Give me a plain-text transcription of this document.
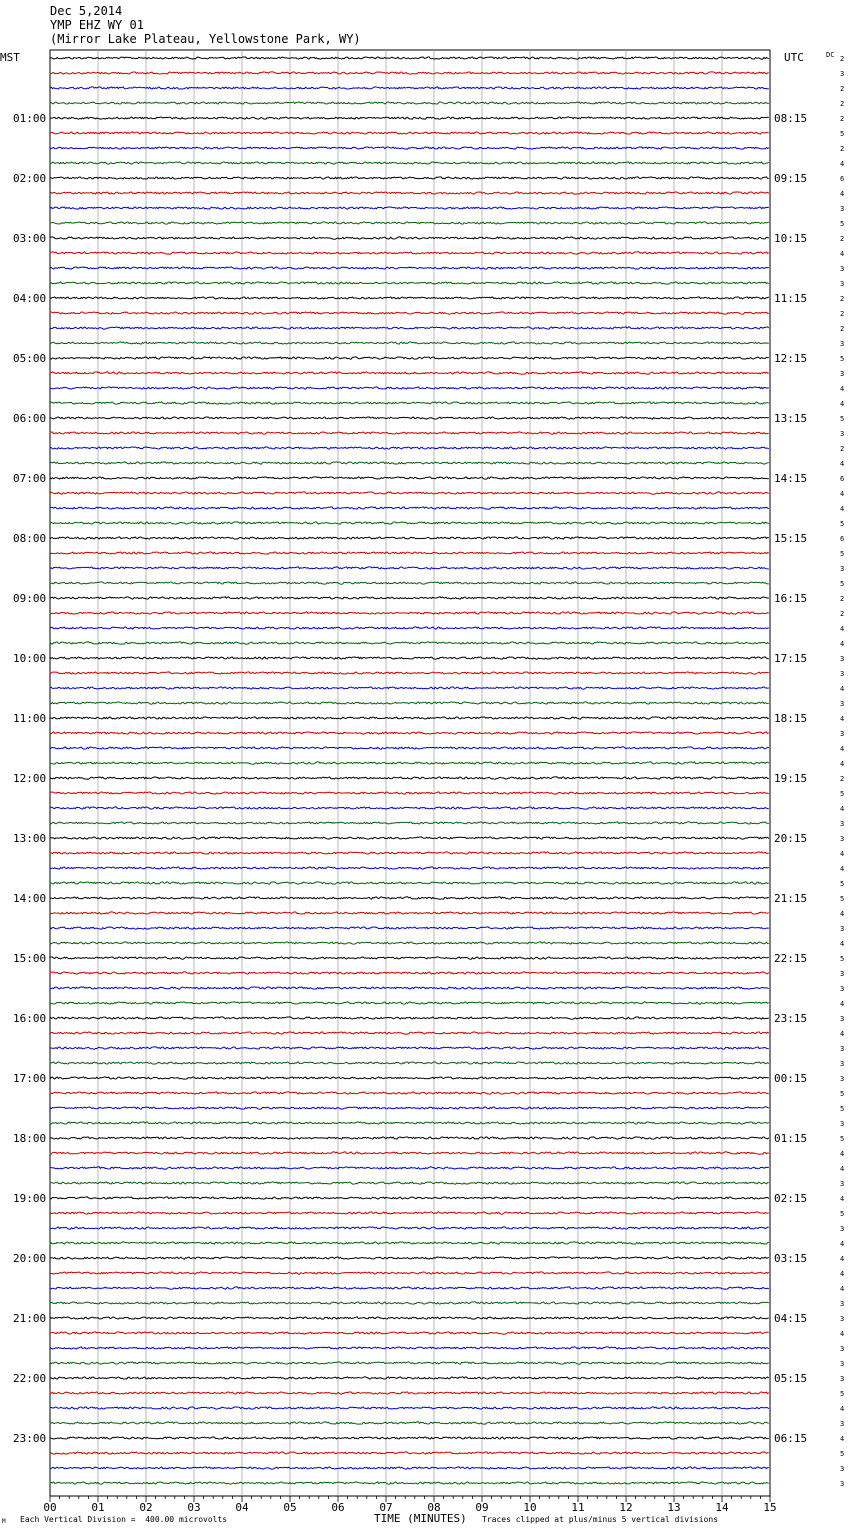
Dec 5,2014
YMP EHZ WY 01
(Mirror Lake Plateau, Yellowstone Park, WY)
MST	UTC	DC
01:00
02:00
03:00
04:00
05:00
06:00
07:00
08:00
09:00
10:00
11:00
12:00
13:00
14:00
15:00
16:00
17:00
18:00
19:00
20:00
21:00
22:00
23:00
08:15
09:15
10:15
11:15
12:15
13:15
14:15
15:15
16:15
17:15
18:15
19:15
20:15
21:15
22:15
23:15
00:15
01:15
02:15
03:15
04:15
05:15
06:15
2
3
2
2
2
5
2
4
6
4
3
5
2
4
3
3
2
2
2
3
5
3
4
4
5
3
2
4
6
4
4
5
6
5
3
5
2
2
4
4
3
3
4
3
4
3
4
4
2
5
4
3
3
4
4
5
5
4
3
4
5
3
3
4
3
4
3
3
3
5
5
3
5
4
4
3
4
5
3
4
4
4
4
3
3
4
3
3
3
5
4
3
4
5
3
3
00	01	02	03	04	05	06	07	08	09	10	11	12	13	14	15
M Each Vertical Division =  400.00 microvolts	TIME (MINUTES) Traces clipped at plus/minus 5 vertical divisions
